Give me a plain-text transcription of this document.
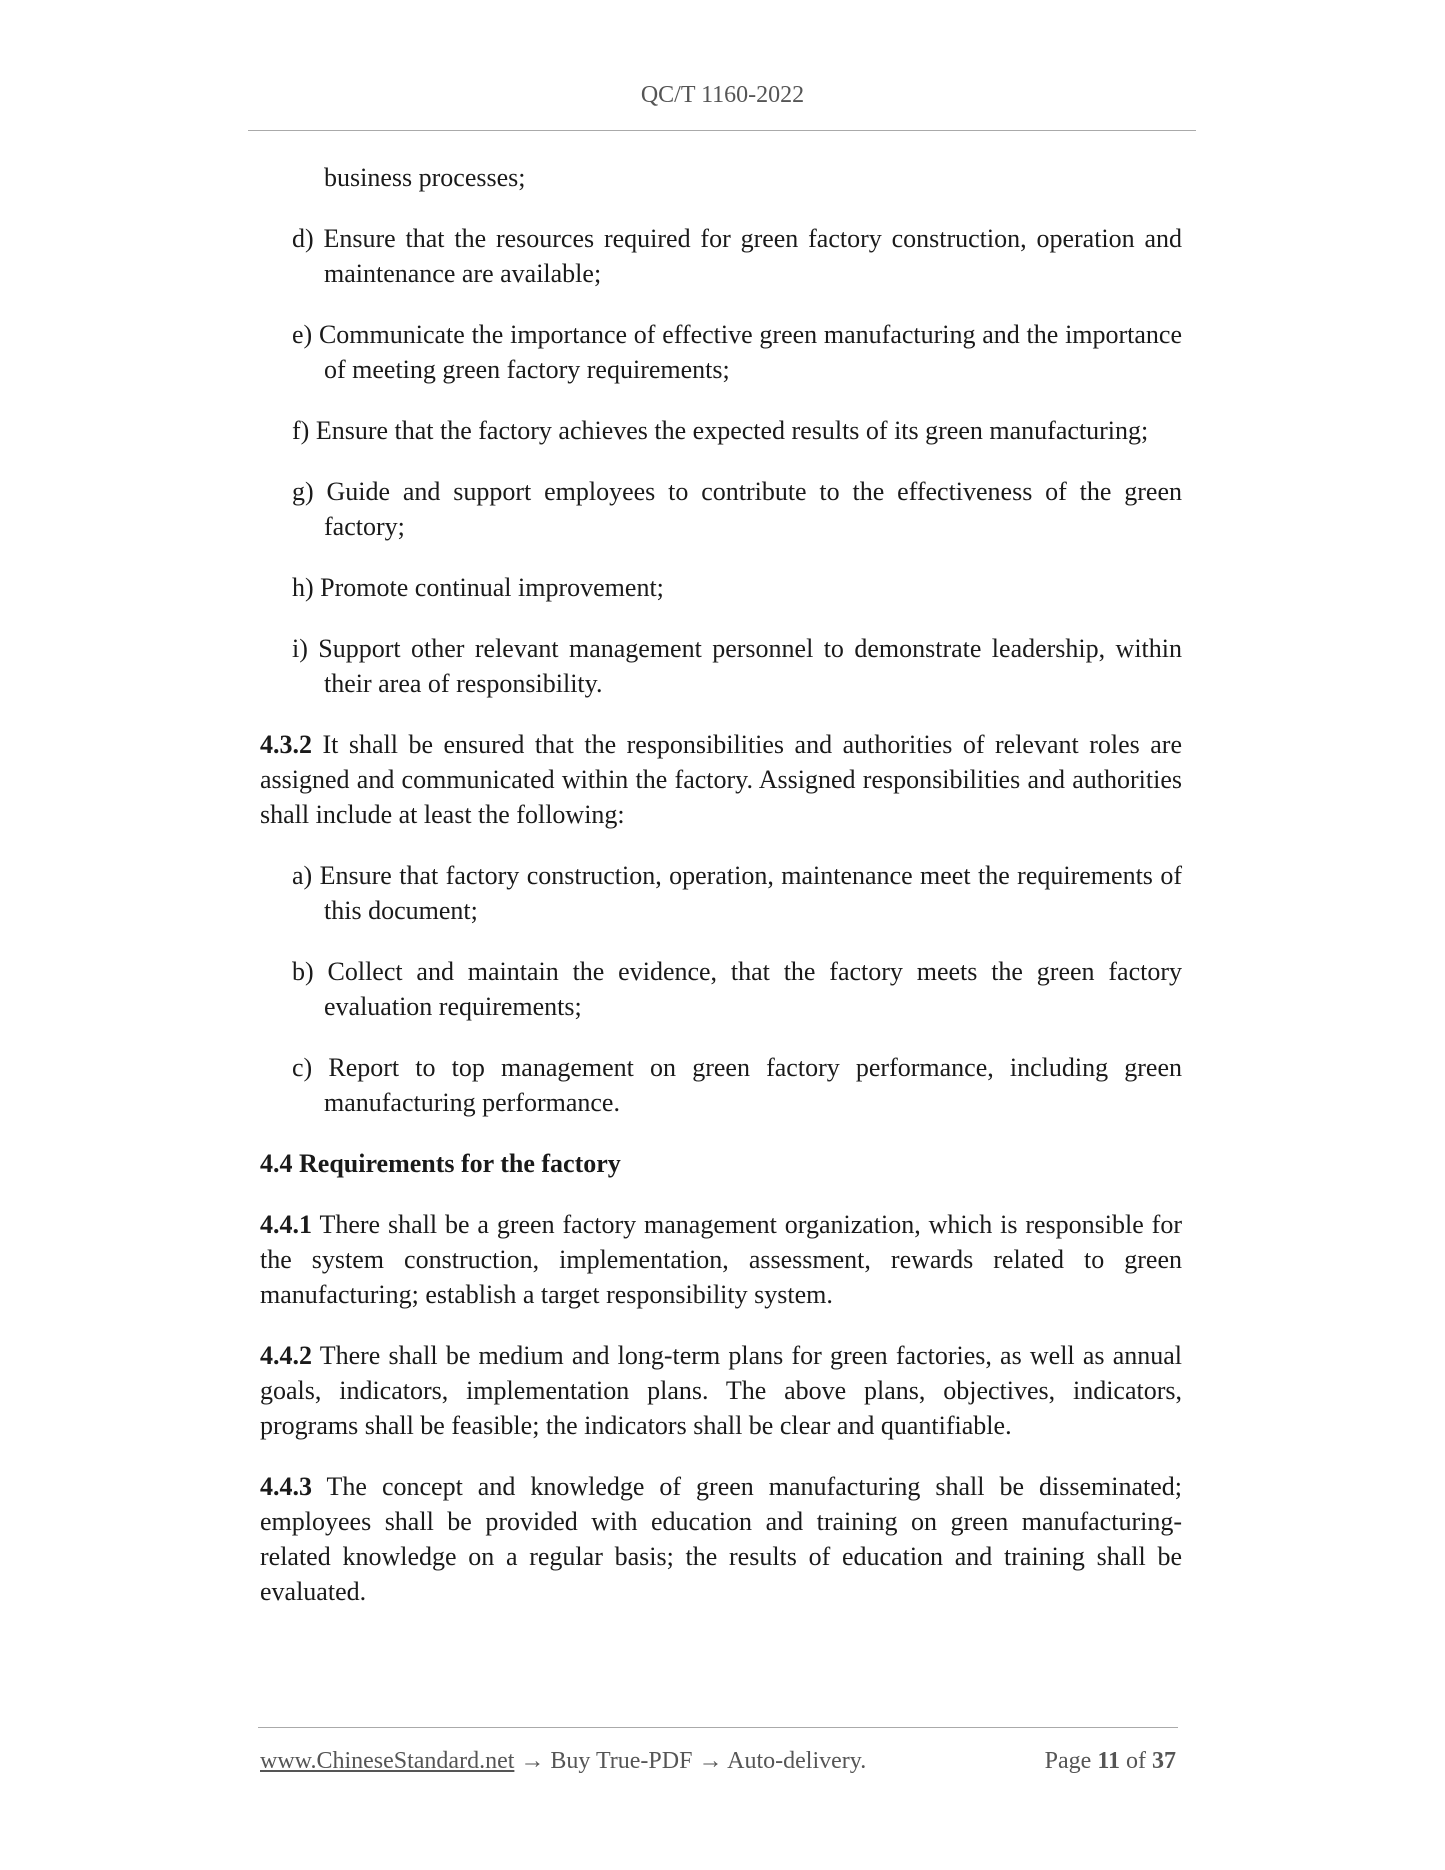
QC/T 1160-2022
business processes;
d) Ensure that the resources required for green factory construction, operation and maintenance are available;
e) Communicate the importance of effective green manufacturing and the importance of meeting green factory requirements;
f) Ensure that the factory achieves the expected results of its green manufacturing;
g) Guide and support employees to contribute to the effectiveness of the green factory;
h) Promote continual improvement;
i) Support other relevant management personnel to demonstrate leadership, within their area of responsibility.
4.3.2 It shall be ensured that the responsibilities and authorities of relevant roles are assigned and communicated within the factory. Assigned responsibilities and authorities shall include at least the following:
a) Ensure that factory construction, operation, maintenance meet the requirements of this document;
b) Collect and maintain the evidence, that the factory meets the green factory evaluation requirements;
c) Report to top management on green factory performance, including green manufacturing performance.
4.4 Requirements for the factory
4.4.1 There shall be a green factory management organization, which is responsible for the system construction, implementation, assessment, rewards related to green manufacturing; establish a target responsibility system.
4.4.2 There shall be medium and long-term plans for green factories, as well as annual goals, indicators, implementation plans. The above plans, objectives, indicators, programs shall be feasible; the indicators shall be clear and quantifiable.
4.4.3 The concept and knowledge of green manufacturing shall be disseminated; employees shall be provided with education and training on green manufacturing-related knowledge on a regular basis; the results of education and training shall be evaluated.
www.ChineseStandard.net → Buy True-PDF → Auto-delivery.	Page 11 of 37
